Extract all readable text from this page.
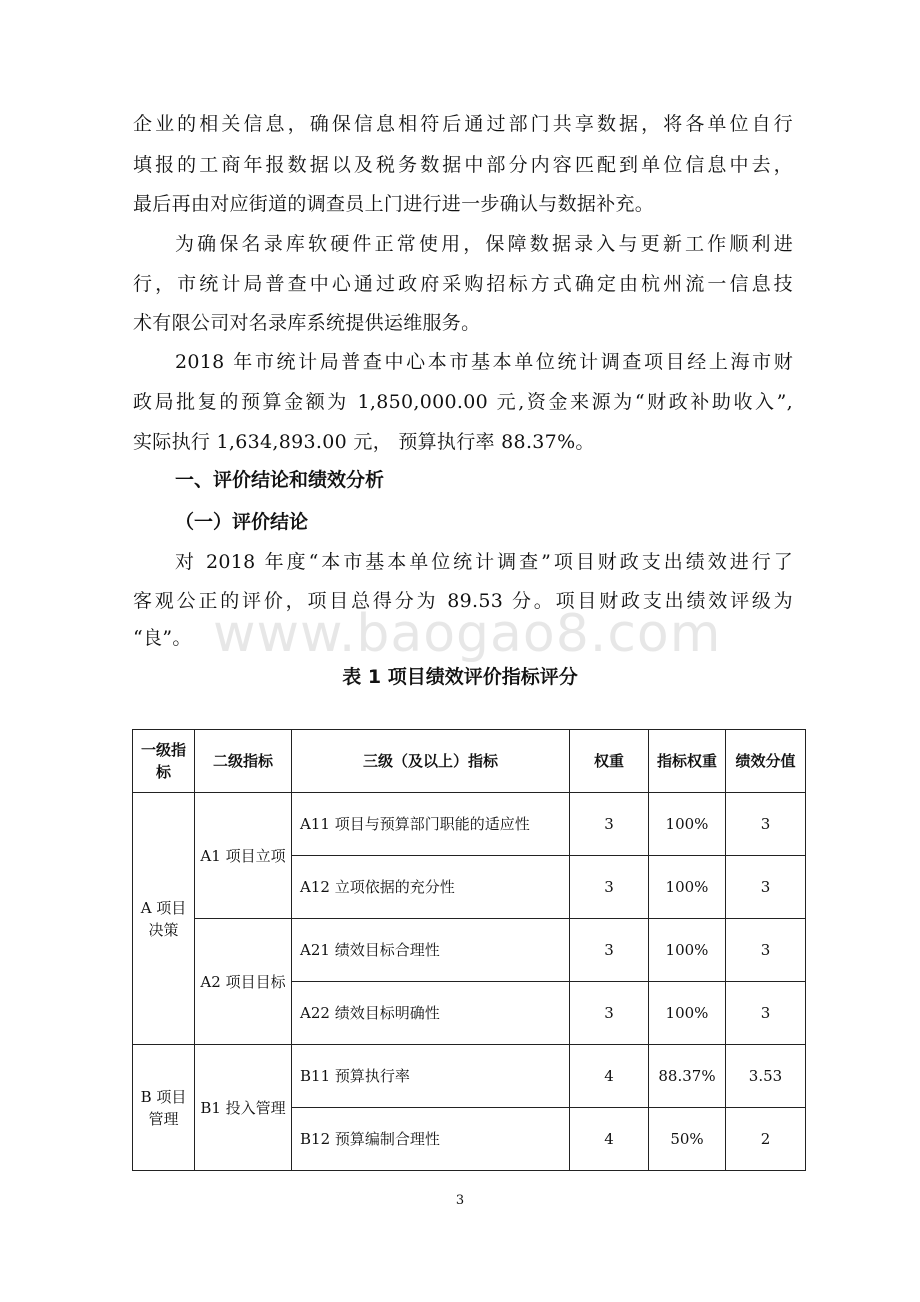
企业的相关信息，确保信息相符后通过部门共享数据，将各单位自行
填报的工商年报数据以及税务数据中部分内容匹配到单位信息中去，
最后再由对应街道的调查员上门进行进一步确认与数据补充。
为确保名录库软硬件正常使用，保障数据录入与更新工作顺利进
行，市统计局普查中心通过政府采购招标方式确定由杭州流一信息技
术有限公司对名录库系统提供运维服务。
2018 年市统计局普查中心本市基本单位统计调查项目经上海市财
政局批复的预算金额为 1,850,000.00 元,资金来源为“财政补助收入”,
实际执行 1,634,893.00 元， 预算执行率 88.37%。
一、评价结论和绩效分析
（一）评价结论
对 2018 年度“本市基本单位统计调查”项目财政支出绩效进行了
客观公正的评价，项目总得分为 89.53 分。项目财政支出绩效评级为
“良”。 www.baogao8.com
表 1 项目绩效评价指标评分
一级指标	二级指标	三级（及以上）指标	权重	指标权重	绩效分值
A 项目决策	A1 项目立项	A11 项目与预算部门职能的适应性	3	100%	3
		A12 立项依据的充分性	3	100%	3
	A2 项目目标	A21 绩效目标合理性	3	100%	3
		A22 绩效目标明确性	3	100%	3
B 项目管理	B1 投入管理	B11 预算执行率	4	88.37%	3.53
		B12 预算编制合理性	4	50%	2
3
